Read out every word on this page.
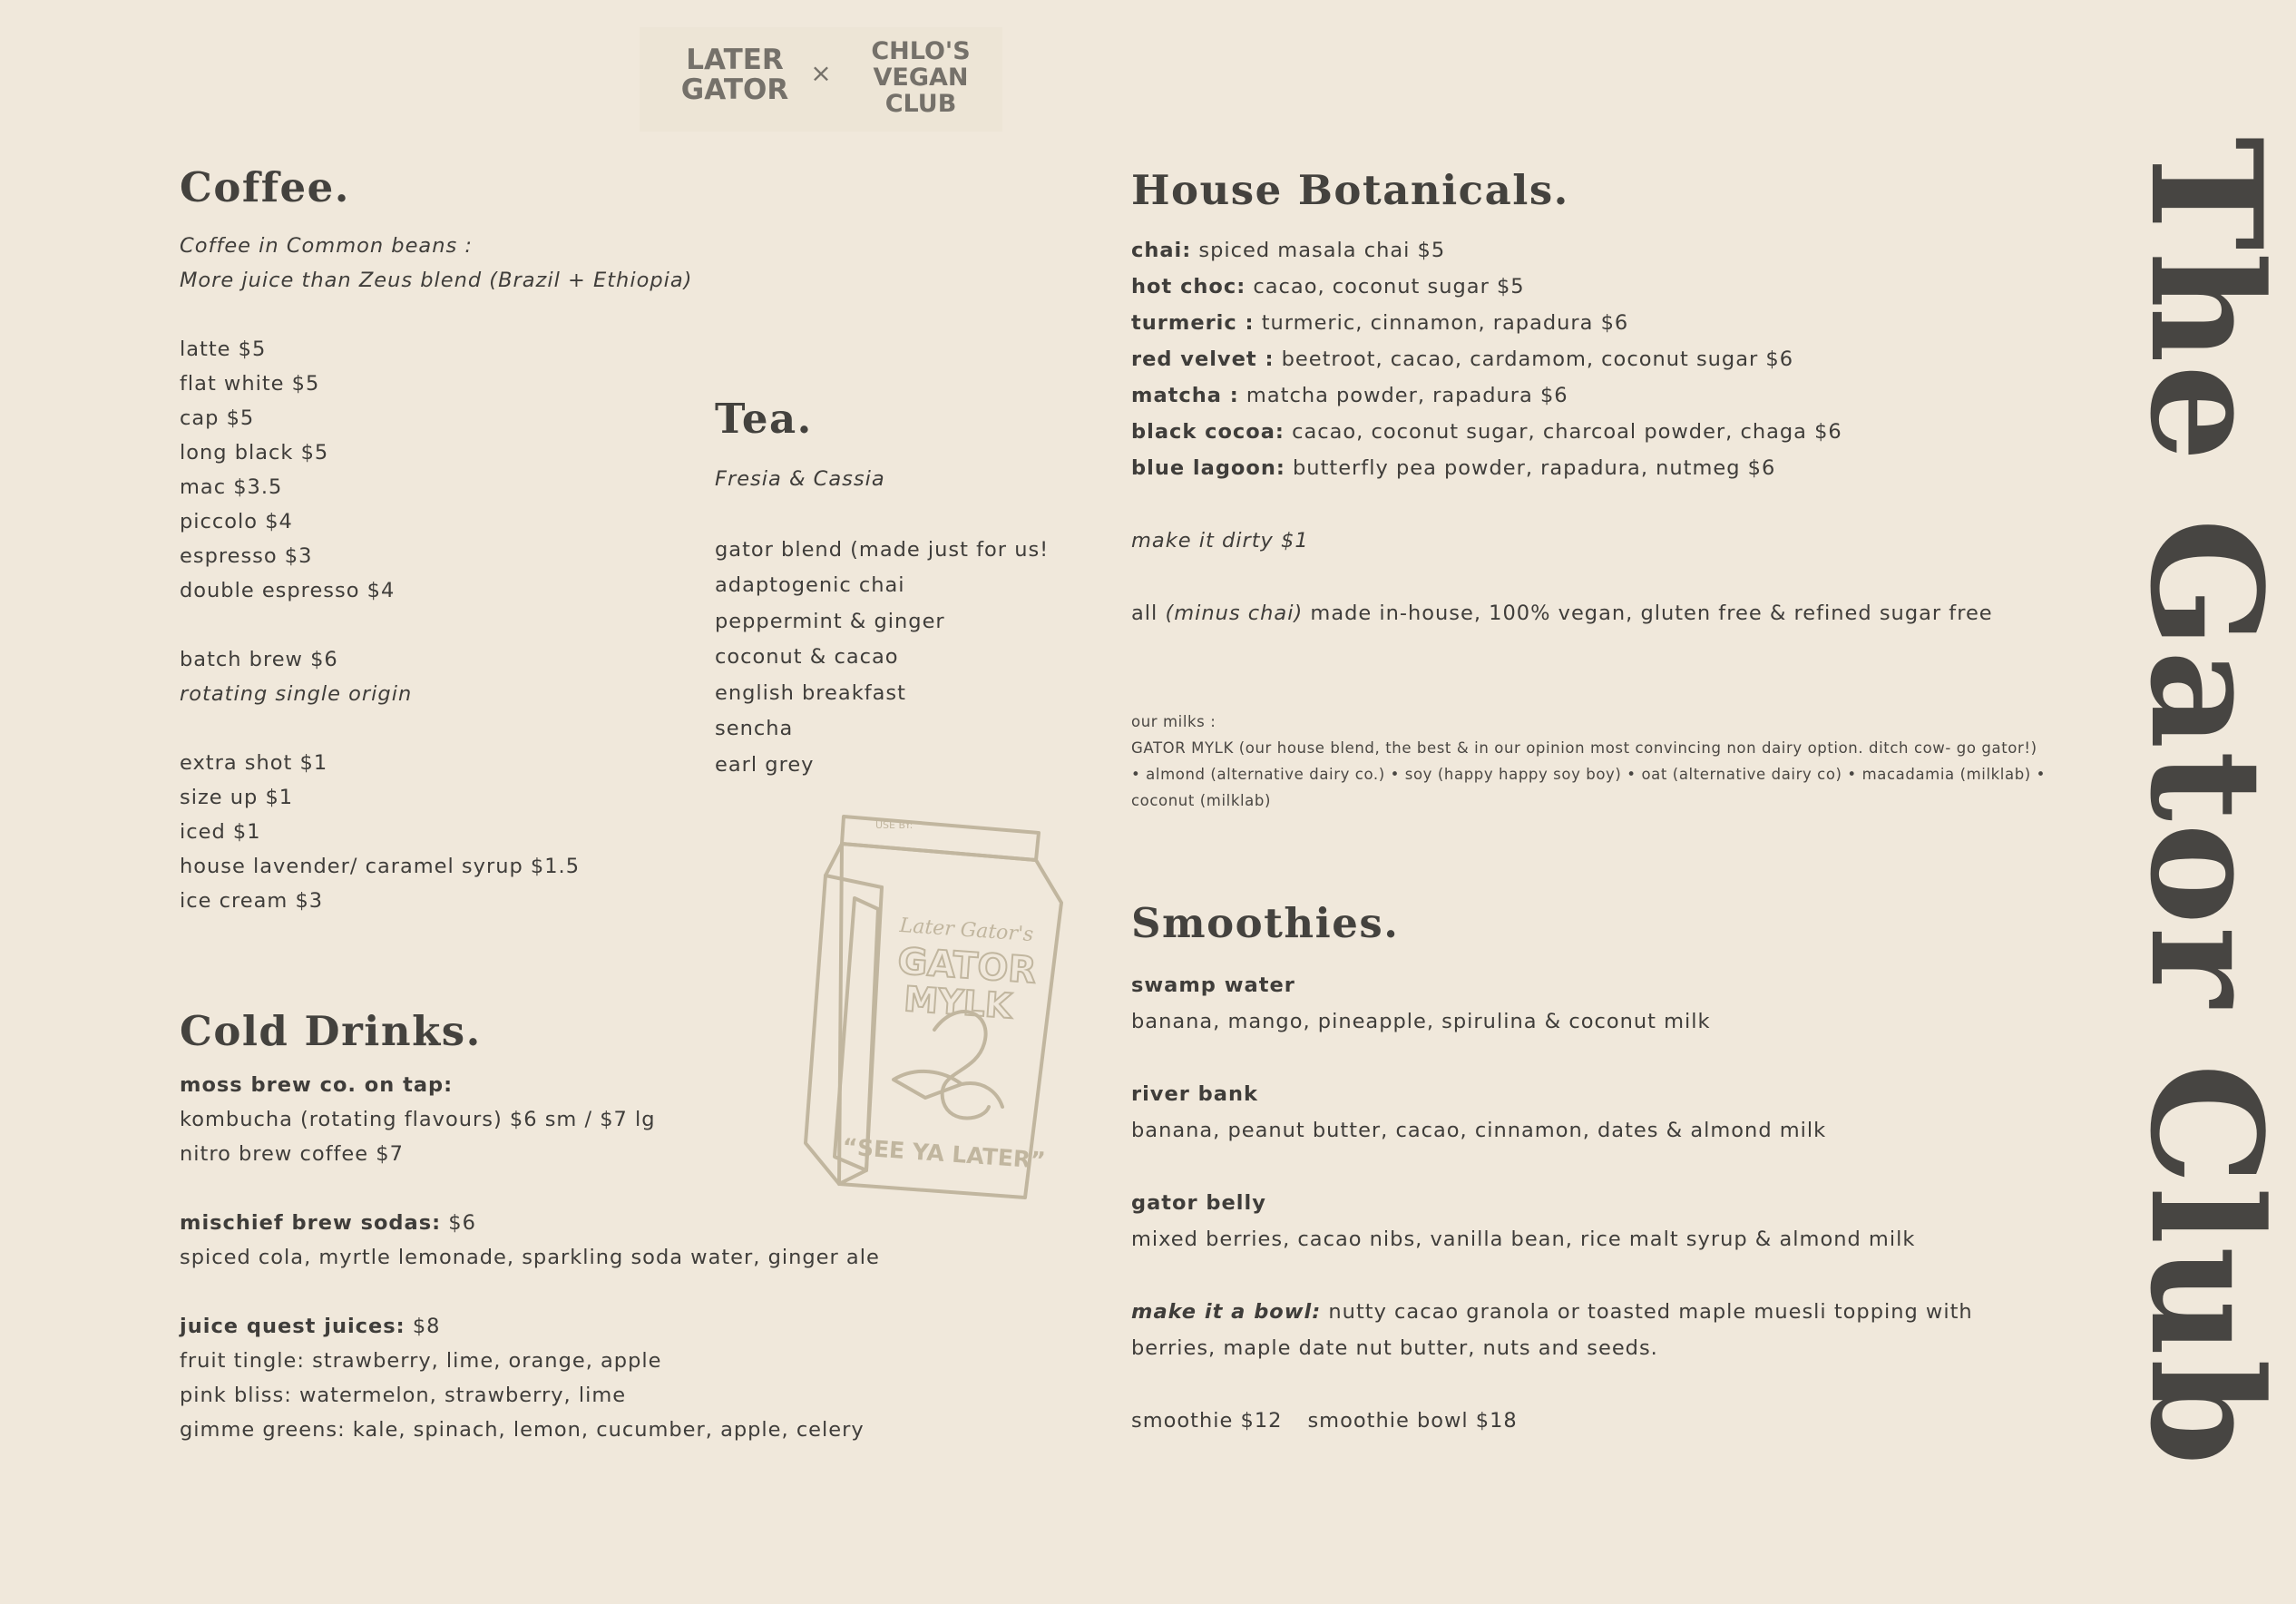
LATER
GATOR
×
CHLO'S
VEGAN
CLUB
Coffee.
Coffee in Common beans :
More juice than Zeus blend (Brazil + Ethiopia)
latte $5
flat white $5
cap $5
long black $5
mac $3.5
piccolo $4
espresso $3
double espresso $4
batch brew $6
rotating single origin
extra shot $1
size up $1
iced $1
house lavender/ caramel syrup $1.5
ice cream $3
Tea.
Fresia & Cassia
gator blend (made just for us!
adaptogenic chai
peppermint & ginger
coconut & cacao
english breakfast
sencha
earl grey
USE BY:
Later Gator's
GATOR
MYLK
“SEE YA LATER”
Cold Drinks.
moss brew co. on tap:
kombucha (rotating flavours) $6 sm / $7 lg
nitro brew coffee $7
mischief brew sodas: $6
spiced cola, myrtle lemonade, sparkling soda water, ginger ale
juice quest juices: $8
fruit tingle: strawberry, lime, orange, apple
pink bliss: watermelon, strawberry, lime
gimme greens: kale, spinach, lemon, cucumber, apple, celery
House Botanicals.
chai: spiced masala chai $5
hot choc: cacao, coconut sugar $5
turmeric : turmeric, cinnamon, rapadura $6
red velvet : beetroot, cacao, cardamom, coconut sugar $6
matcha : matcha powder, rapadura $6
black cocoa: cacao, coconut sugar, charcoal powder, chaga $6
blue lagoon: butterfly pea powder, rapadura, nutmeg $6
make it dirty $1
all (minus chai) made in-house, 100% vegan, gluten free & refined sugar free
our milks :
GATOR MYLK (our house blend, the best & in our opinion most convincing non dairy option. ditch cow- go gator!)
• almond (alternative dairy co.) • soy (happy happy soy boy) • oat (alternative dairy co) • macadamia (milklab) •
coconut (milklab)
Smoothies.
swamp water
banana, mango, pineapple, spirulina & coconut milk
river bank
banana, peanut butter, cacao, cinnamon, dates & almond milk
gator belly
mixed berries, cacao nibs, vanilla bean, rice malt syrup & almond milk
make it a bowl: nutty cacao granola or toasted maple muesli topping with
berries, maple date nut butter, nuts and seeds.
smoothie $12 smoothie bowl $18	The Gator Club
